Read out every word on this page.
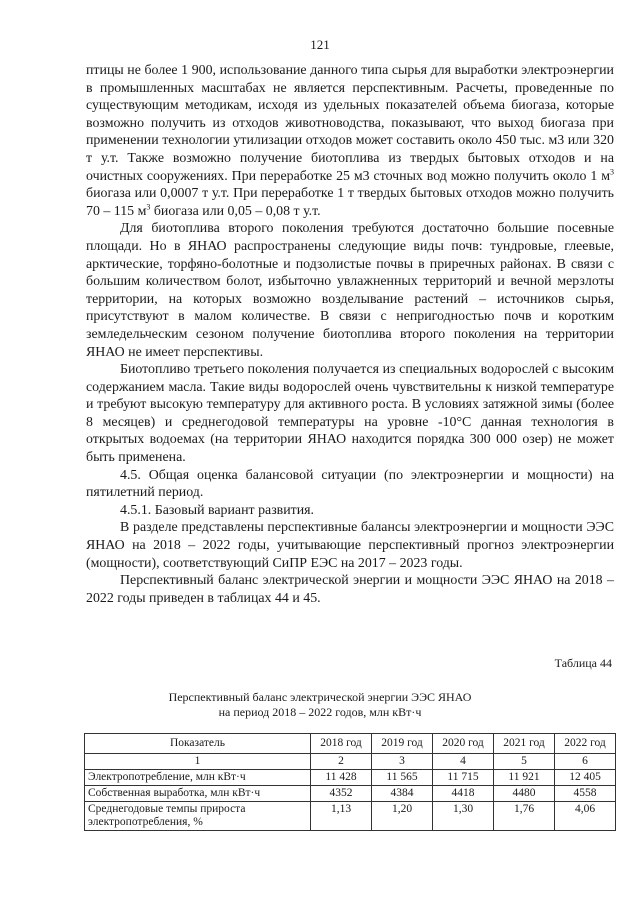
121

птицы не более 1 900, использование данного типа сырья для выработки электроэнергии в промышленных масштабах не является перспективным. Расчеты, проведенные по существующим методикам, исходя из удельных показателей объема биогаза, которые возможно получить из отходов животноводства, показывают, что выход биогаза при применении технологии утилизации отходов может составить около 450 тыс. м3 или 320 т у.т. Также возможно получение биотоплива из твердых бытовых отходов и на очистных сооружениях. При переработке 25 м3 сточных вод можно получить около 1 $м^3$ биогаза или 0,0007 т у.т. При переработке 1 т твердых бытовых отходов можно получить 70 – 115 $м^3$ биогаза или 0,05 – 0,08 т у.т.

Для биотоплива второго поколения требуются достаточно большие посевные площади. Но в ЯНАО распространены следующие виды почв: тундровые, глеевые, арктические, торфяно-болотные и подзолистые почвы в приречных районах. В связи с большим количеством болот, избыточно увлажненных территорий и вечной мерзлоты территории, на которых возможно возделывание растений – источников сырья, присутствуют в малом количестве. В связи с непригодностью почв и коротким земледельческим сезоном получение биотоплива второго поколения на территории ЯНАО не имеет перспективы.

Биотопливо третьего поколения получается из специальных водорослей с высоким содержанием масла. Такие виды водорослей очень чувствительны к низкой температуре и требуют высокую температуру для активного роста. В условиях затяжной зимы (более 8 месяцев) и среднегодовой температуры на уровне -10°С данная технология в открытых водоемах (на территории ЯНАО находится порядка 300 000 озер) не может быть применена.

4.5. Общая оценка балансовой ситуации (по электроэнергии и мощности) на пятилетний период.

4.5.1. Базовый вариант развития.

В разделе представлены перспективные балансы электроэнергии и мощности ЭЭС ЯНАО на 2018 – 2022 годы, учитывающие перспективный прогноз электроэнергии (мощности), соответствующий СиПР ЕЭС на 2017 – 2023 годы.

Перспективный баланс электрической энергии и мощности ЭЭС ЯНАО на 2018 – 2022 годы приведен в таблицах 44 и 45.

Таблица 44
Перспективный баланс электрической энергии ЭЭС ЯНАО
на период 2018 – 2022 годов, млн кВт·ч
Показатель	2018 год	2019 год	2020 год	2021 год	2022 год
1	2	3	4	5	6
Электропотребление, млн кВт·ч	11 428	11 565	11 715	11 921	12 405
Собственная выработка, млн кВт·ч	4352	4384	4418	4480	4558
Среднегодовые темпы прироста электропотребления, %	1,13	1,20	1,30	1,76	4,06
